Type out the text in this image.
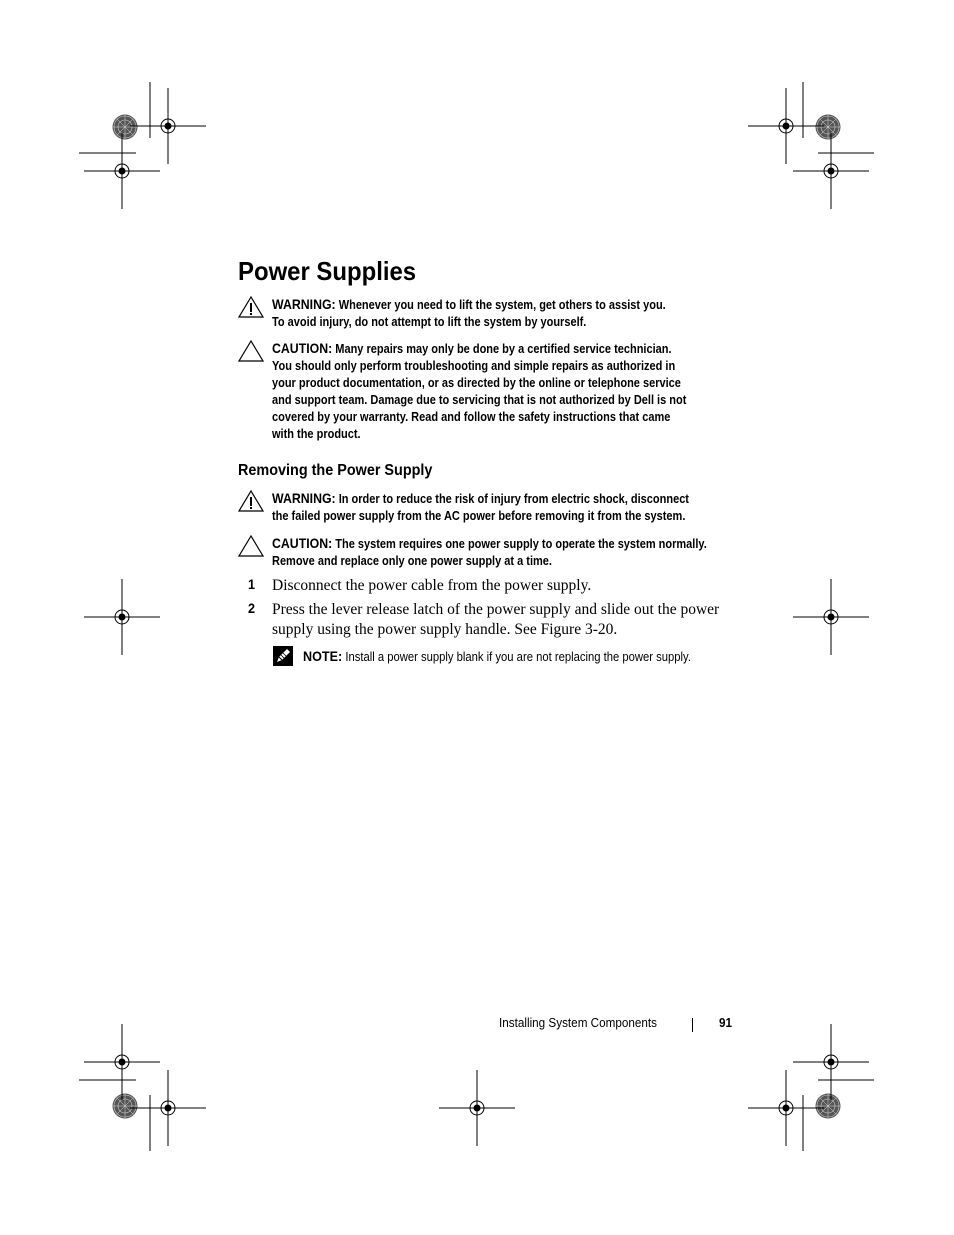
Power Supplies

WARNING: Whenever you need to lift the system, get others to assist you.

To avoid injury, do not attempt to lift the system by yourself.

CAUTION: Many repairs may only be done by a certified service technician.

You should only perform troubleshooting and simple repairs as authorized in

your product documentation, or as directed by the online or telephone service

and support team. Damage due to servicing that is not authorized by Dell is not

covered by your warranty. Read and follow the safety instructions that came

with the product.

Removing the Power Supply

WARNING: In order to reduce the risk of injury from electric shock, disconnect

the failed power supply from the AC power before removing it from the system.

CAUTION: The system requires one power supply to operate the system normally.

Remove and replace only one power supply at a time.

1 Disconnect the power cable from the power supply.

2 Press the lever release latch of the power supply and slide out the power

supply using the power supply handle. See Figure 3-20.

NOTE: Install a power supply blank if you are not replacing the power supply.
Installing System Components	91
